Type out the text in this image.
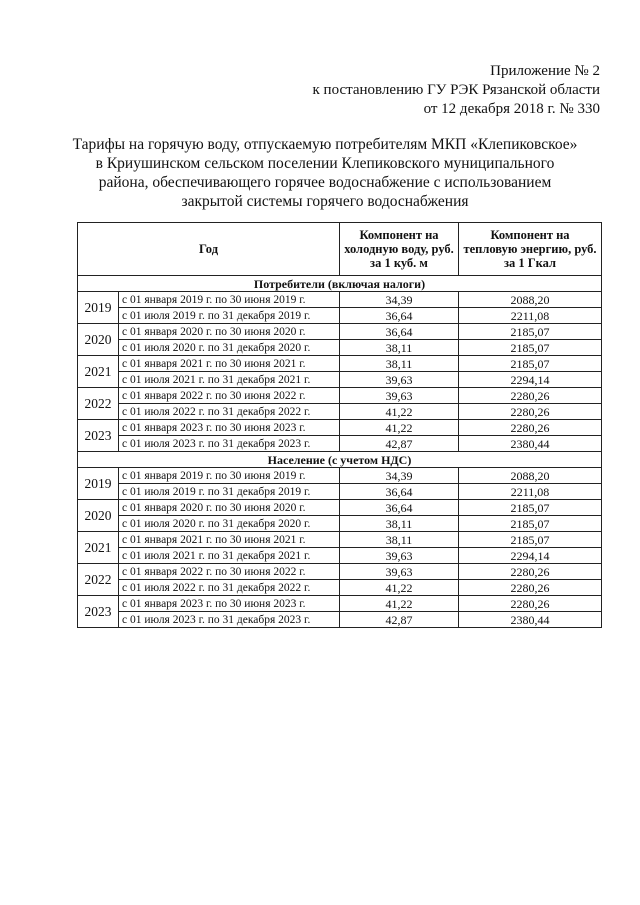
Приложение № 2
к постановлению ГУ РЭК Рязанской области
от 12 декабря 2018 г. № 330
Тарифы на горячую воду, отпускаемую потребителям МКП «Клепиковское»
в Криушинском сельском поселении Клепиковского муниципального
района, обеспечивающего горячее водоснабжение с использованием
закрытой системы горячего водоснабжения
Год		Компонент на холодную воду, руб. за 1 куб. м	Компонент на тепловую энергию, руб. за 1 Гкал
Потребители (включая налоги)			
2019	с 01 января 2019 г. по 30 июня 2019 г.	34,39	2088,20
	с 01 июля 2019 г. по 31 декабря 2019 г.	36,64	2211,08
2020	с 01 января 2020 г. по 30 июня 2020 г.	36,64	2185,07
	с 01 июля 2020 г. по 31 декабря 2020 г.	38,11	2185,07
2021	с 01 января 2021 г. по 30 июня 2021 г.	38,11	2185,07
	с 01 июля 2021 г. по 31 декабря 2021 г.	39,63	2294,14
2022	с 01 января 2022 г. по 30 июня 2022 г.	39,63	2280,26
	с 01 июля 2022 г. по 31 декабря 2022 г.	41,22	2280,26
2023	с 01 января 2023 г. по 30 июня 2023 г.	41,22	2280,26
	с 01 июля 2023 г. по 31 декабря 2023 г.	42,87	2380,44
Население (с учетом НДС)			
2019	с 01 января 2019 г. по 30 июня 2019 г.	34,39	2088,20
	с 01 июля 2019 г. по 31 декабря 2019 г.	36,64	2211,08
2020	с 01 января 2020 г. по 30 июня 2020 г.	36,64	2185,07
	с 01 июля 2020 г. по 31 декабря 2020 г.	38,11	2185,07
2021	с 01 января 2021 г. по 30 июня 2021 г.	38,11	2185,07
	с 01 июля 2021 г. по 31 декабря 2021 г.	39,63	2294,14
2022	с 01 января 2022 г. по 30 июня 2022 г.	39,63	2280,26
	с 01 июля 2022 г. по 31 декабря 2022 г.	41,22	2280,26
2023	с 01 января 2023 г. по 30 июня 2023 г.	41,22	2280,26
	с 01 июля 2023 г. по 31 декабря 2023 г.	42,87	2380,44
